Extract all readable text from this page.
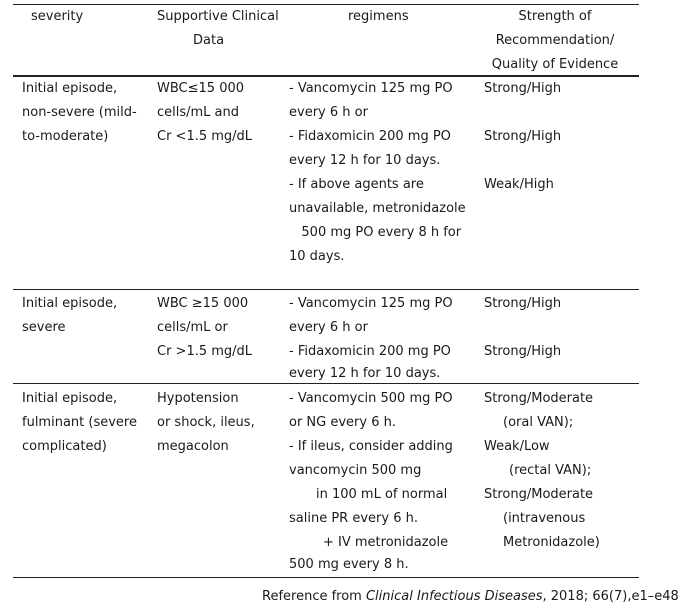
severity	Supportive Clinical
Data
regimens	Strength of
Recommendation/
Quality of Evidence
Initial episode,
non-severe (mild-
to-moderate)
WBC≤15 000
cells/mL and
Cr <1.5 mg/dL
- Vancomycin 125 mg PO
every 6 h or
- Fidaxomicin 200 mg PO
every 12 h for 10 days.
- If above agents are
unavailable, metronidazole
500 mg PO every 8 h for
10 days.
Strong/High
Strong/High
Weak/High
Initial episode,
severe
WBC ≥15 000
cells/mL or
Cr >1.5 mg/dL
- Vancomycin 125 mg PO
every 6 h or
- Fidaxomicin 200 mg PO
every 12 h for 10 days.
Strong/High
Strong/High
Initial episode,
fulminant (severe
complicated)
Hypotension
or shock, ileus,
megacolon
- Vancomycin 500 mg PO
or NG every 6 h.
- If ileus, consider adding
vancomycin 500 mg
in 100 mL of normal
saline PR every 6 h.
+ IV metronidazole
500 mg every 8 h.
Strong/Moderate
(oral VAN);
Weak/Low
(rectal VAN);
Strong/Moderate
(intravenous
Metronidazole)
Reference from Clinical Infectious Diseases, 2018; 66(7),e1–e48
